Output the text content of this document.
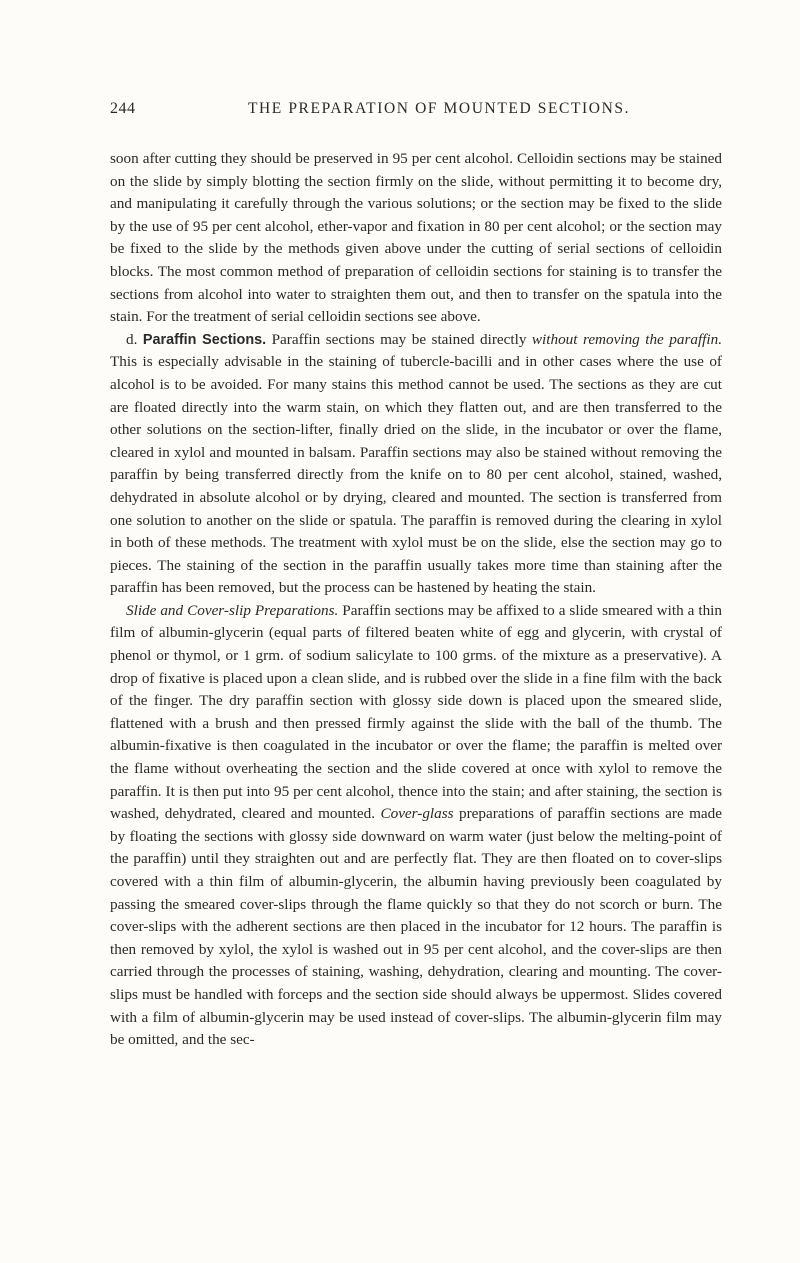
244	THE PREPARATION OF MOUNTED SECTIONS.

soon after cutting they should be preserved in 95 per cent alcohol. Celloidin sections may be stained on the slide by simply blotting the section firmly on the slide, without permitting it to become dry, and manipulating it carefully through the various solutions; or the section may be fixed to the slide by the use of 95 per cent alcohol, ether-vapor and fixation in 80 per cent alcohol; or the section may be fixed to the slide by the methods given above under the cutting of serial sections of celloidin blocks. The most common method of preparation of celloidin sections for staining is to transfer the sections from alcohol into water to straighten them out, and then to transfer on the spatula into the stain. For the treatment of serial celloidin sections see above.

d. Paraffin Sections. Paraffin sections may be stained directly without removing the paraffin. This is especially advisable in the staining of tubercle-bacilli and in other cases where the use of alcohol is to be avoided. For many stains this method cannot be used. The sections as they are cut are floated directly into the warm stain, on which they flatten out, and are then transferred to the other solutions on the section-lifter, finally dried on the slide, in the incubator or over the flame, cleared in xylol and mounted in balsam. Paraffin sections may also be stained without removing the paraffin by being transferred directly from the knife on to 80 per cent alcohol, stained, washed, dehydrated in absolute alcohol or by drying, cleared and mounted. The section is transferred from one solution to another on the slide or spatula. The paraffin is removed during the clearing in xylol in both of these methods. The treatment with xylol must be on the slide, else the section may go to pieces. The staining of the section in the paraffin usually takes more time than staining after the paraffin has been removed, but the process can be hastened by heating the stain.

Slide and Cover-slip Preparations. Paraffin sections may be affixed to a slide smeared with a thin film of albumin-glycerin (equal parts of filtered beaten white of egg and glycerin, with crystal of phenol or thymol, or 1 grm. of sodium salicylate to 100 grms. of the mixture as a preservative). A drop of fixative is placed upon a clean slide, and is rubbed over the slide in a fine film with the back of the finger. The dry paraffin section with glossy side down is placed upon the smeared slide, flattened with a brush and then pressed firmly against the slide with the ball of the thumb. The albumin-fixative is then coagulated in the incubator or over the flame; the paraffin is melted over the flame without overheating the section and the slide covered at once with xylol to remove the paraffin. It is then put into 95 per cent alcohol, thence into the stain; and after staining, the section is washed, dehydrated, cleared and mounted. Cover-glass preparations of paraffin sections are made by floating the sections with glossy side downward on warm water (just below the melting-point of the paraffin) until they straighten out and are perfectly flat. They are then floated on to cover-slips covered with a thin film of albumin-glycerin, the albumin having previously been coagulated by passing the smeared cover-slips through the flame quickly so that they do not scorch or burn. The cover-slips with the adherent sections are then placed in the incubator for 12 hours. The paraffin is then removed by xylol, the xylol is washed out in 95 per cent alcohol, and the cover-slips are then carried through the processes of staining, washing, dehydration, clearing and mounting. The cover-slips must be handled with forceps and the section side should always be uppermost. Slides covered with a film of albumin-glycerin may be used instead of cover-slips. The albumin-glycerin film may be omitted, and the sec-
